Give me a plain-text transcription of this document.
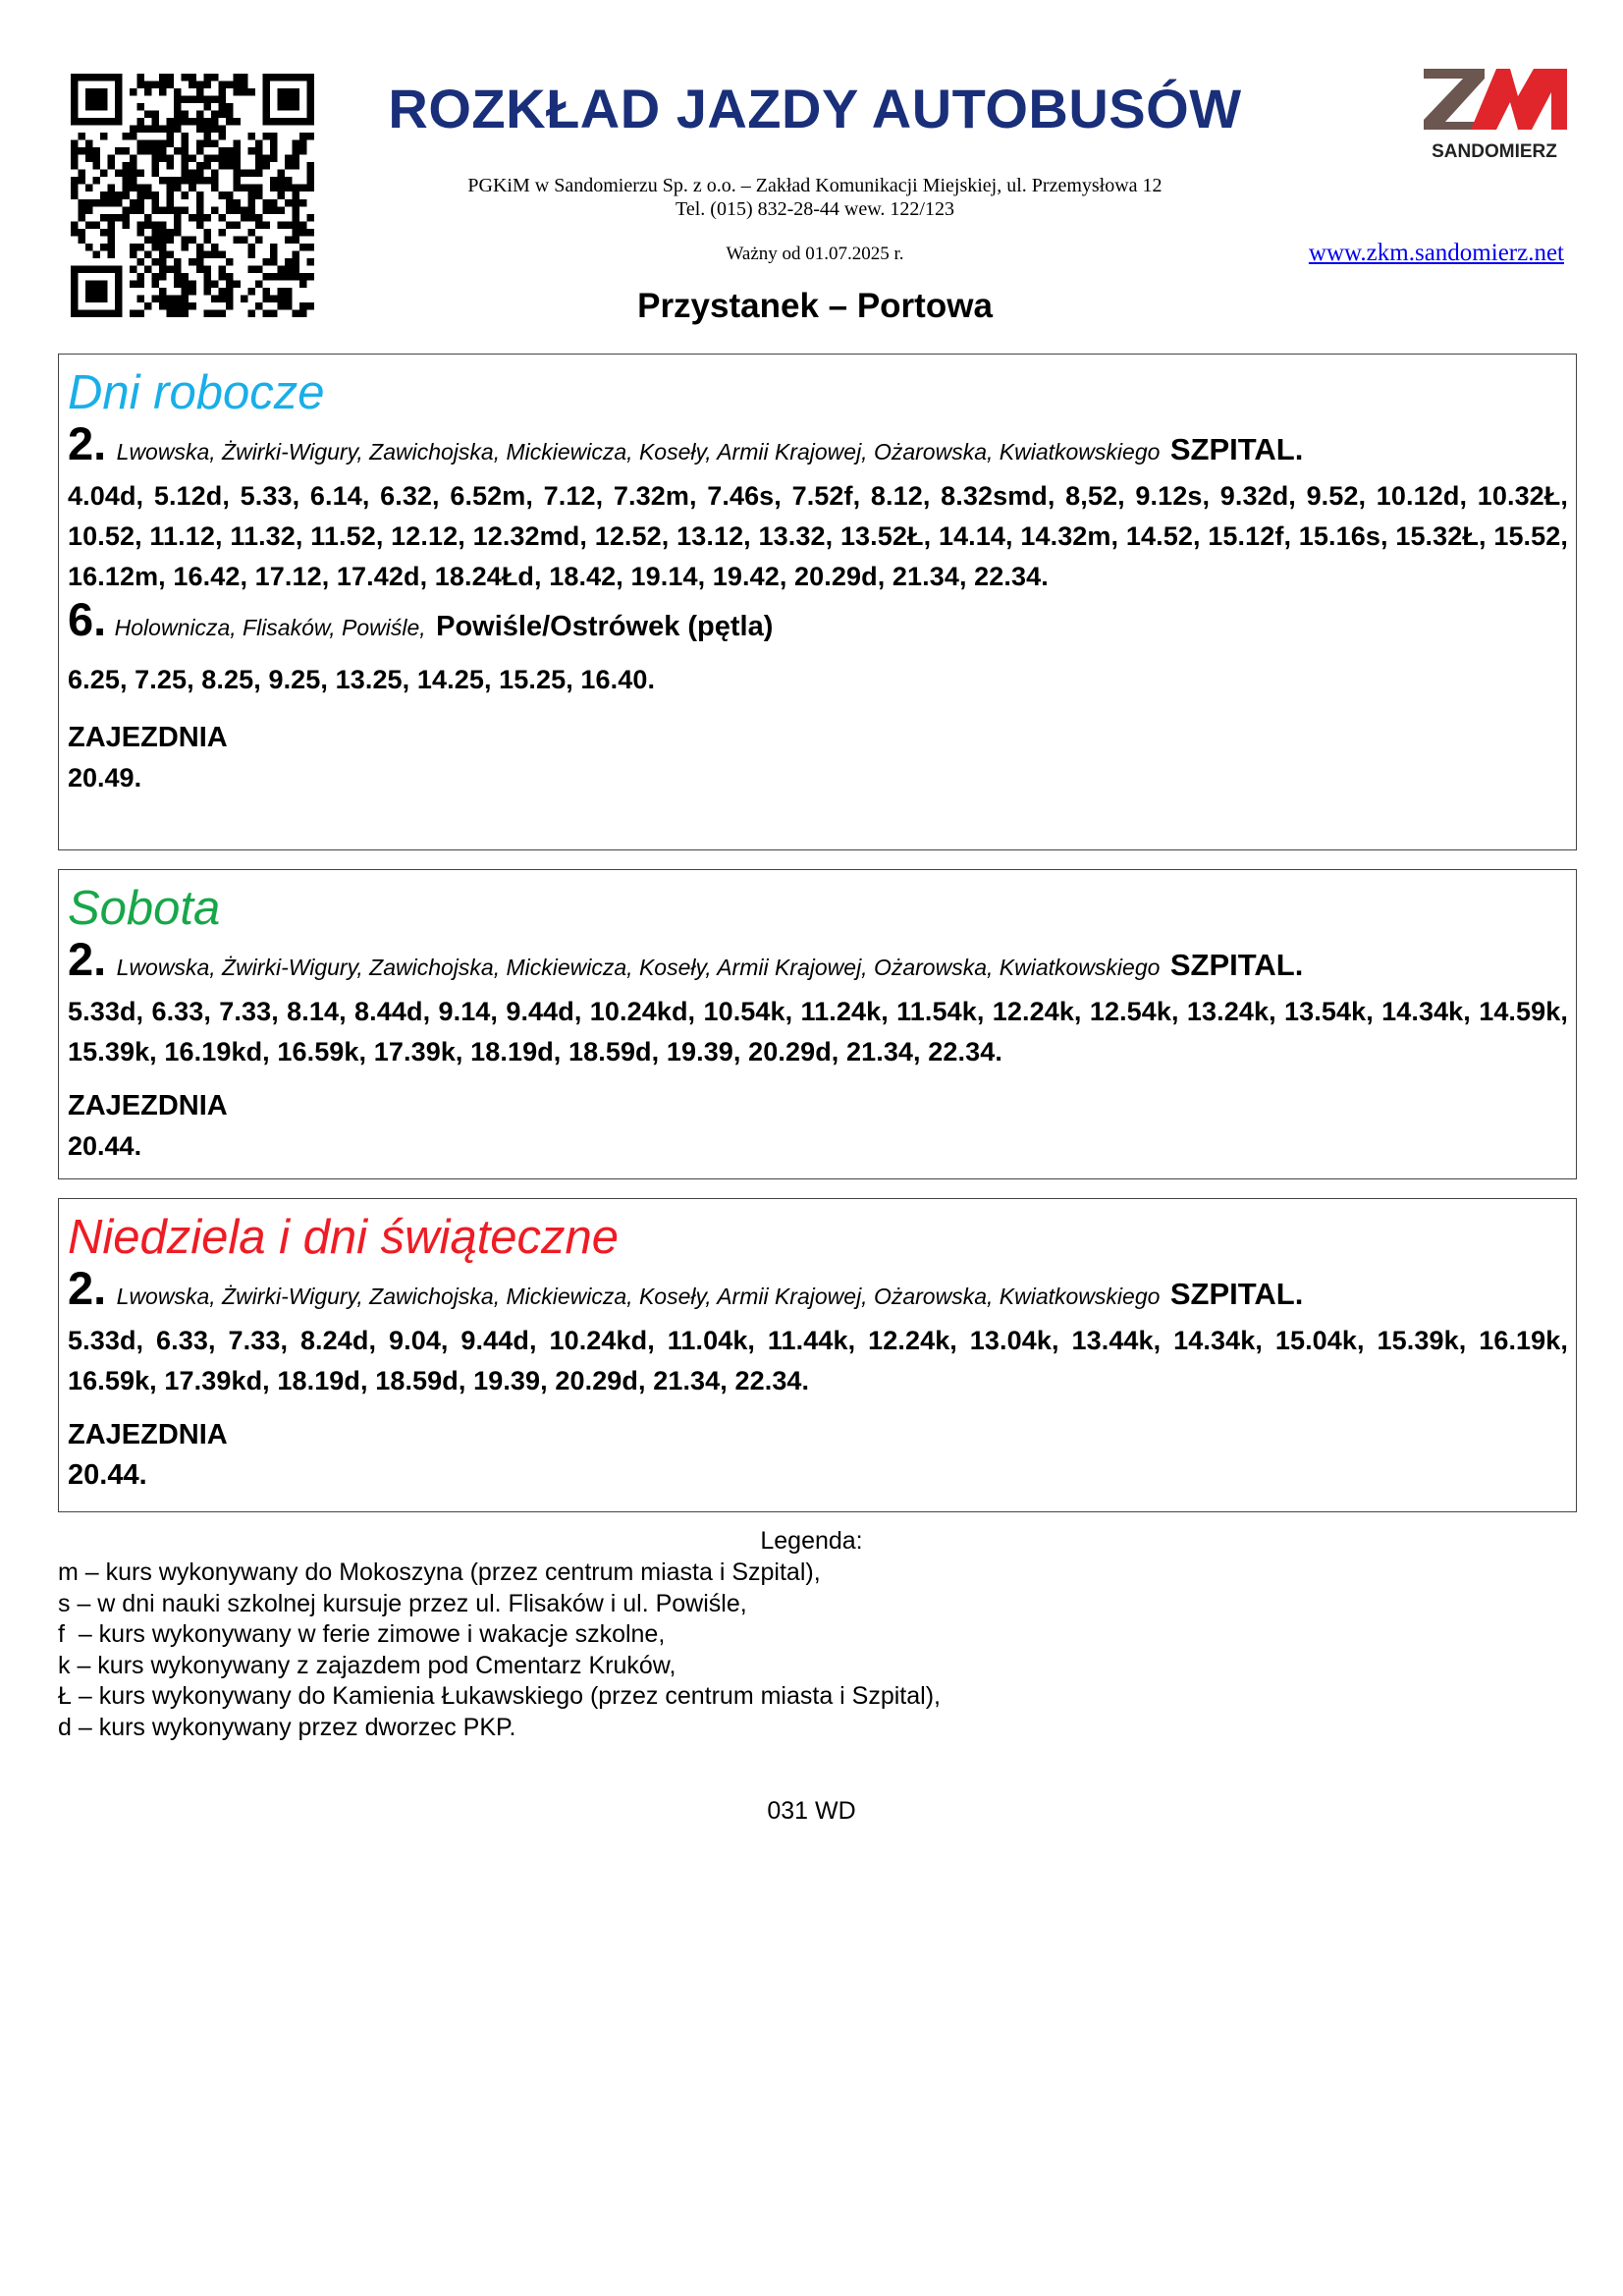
SANDOMIERZ
ROZKŁAD JAZDY AUTOBUSÓW
PGKiM w Sandomierzu Sp. z o.o. – Zakład Komunikacji Miejskiej, ul. Przemysłowa 12
Tel. (015) 832-28-44 wew. 122/123
Ważny od 01.07.2025 r.	www.zkm.sandomierz.net
Przystanek – Portowa
Dni robocze
2. Lwowska, Żwirki-Wigury, Zawichojska, Mickiewicza, Koseły, Armii Krajowej, Ożarowska, Kwiatkowskiego SZPITAL.
4.04d, 5.12d, 5.33, 6.14, 6.32, 6.52m, 7.12, 7.32m, 7.46s, 7.52f, 8.12, 8.32smd, 8,52, 9.12s, 9.32d, 9.52, 10.12d, 10.32Ł, 10.52, 11.12, 11.32, 11.52, 12.12, 12.32md, 12.52, 13.12, 13.32, 13.52Ł, 14.14, 14.32m, 14.52, 15.12f, 15.16s, 15.32Ł, 15.52, 16.12m, 16.42, 17.12, 17.42d, 18.24Łd, 18.42, 19.14, 19.42, 20.29d, 21.34, 22.34.
6. Holownicza, Flisaków, Powiśle, Powiśle/Ostrówek (pętla)
6.25, 7.25, 8.25, 9.25, 13.25, 14.25, 15.25, 16.40.
ZAJEZDNIA
20.49.
Sobota
2. Lwowska, Żwirki-Wigury, Zawichojska, Mickiewicza, Koseły, Armii Krajowej, Ożarowska, Kwiatkowskiego SZPITAL.
5.33d, 6.33, 7.33, 8.14, 8.44d, 9.14, 9.44d, 10.24kd, 10.54k, 11.24k, 11.54k, 12.24k, 12.54k, 13.24k, 13.54k, 14.34k, 14.59k, 15.39k, 16.19kd, 16.59k, 17.39k, 18.19d, 18.59d, 19.39, 20.29d, 21.34, 22.34.
ZAJEZDNIA
20.44.
Niedziela i dni świąteczne
2. Lwowska, Żwirki-Wigury, Zawichojska, Mickiewicza, Koseły, Armii Krajowej, Ożarowska, Kwiatkowskiego SZPITAL.
5.33d, 6.33, 7.33, 8.24d, 9.04, 9.44d, 10.24kd, 11.04k, 11.44k, 12.24k, 13.04k, 13.44k, 14.34k, 15.04k, 15.39k, 16.19k, 16.59k, 17.39kd, 18.19d, 18.59d, 19.39, 20.29d, 21.34, 22.34.
ZAJEZDNIA
20.44.
Legenda:
m – kurs wykonywany do Mokoszyna (przez centrum miasta i Szpital),
s – w dni nauki szkolnej kursuje przez ul. Flisaków i ul. Powiśle,
f  – kurs wykonywany w ferie zimowe i wakacje szkolne,
k – kurs wykonywany z zajazdem pod Cmentarz Kruków,
Ł – kurs wykonywany do Kamienia Łukawskiego (przez centrum miasta i Szpital),
d – kurs wykonywany przez dworzec PKP.
031 WD
